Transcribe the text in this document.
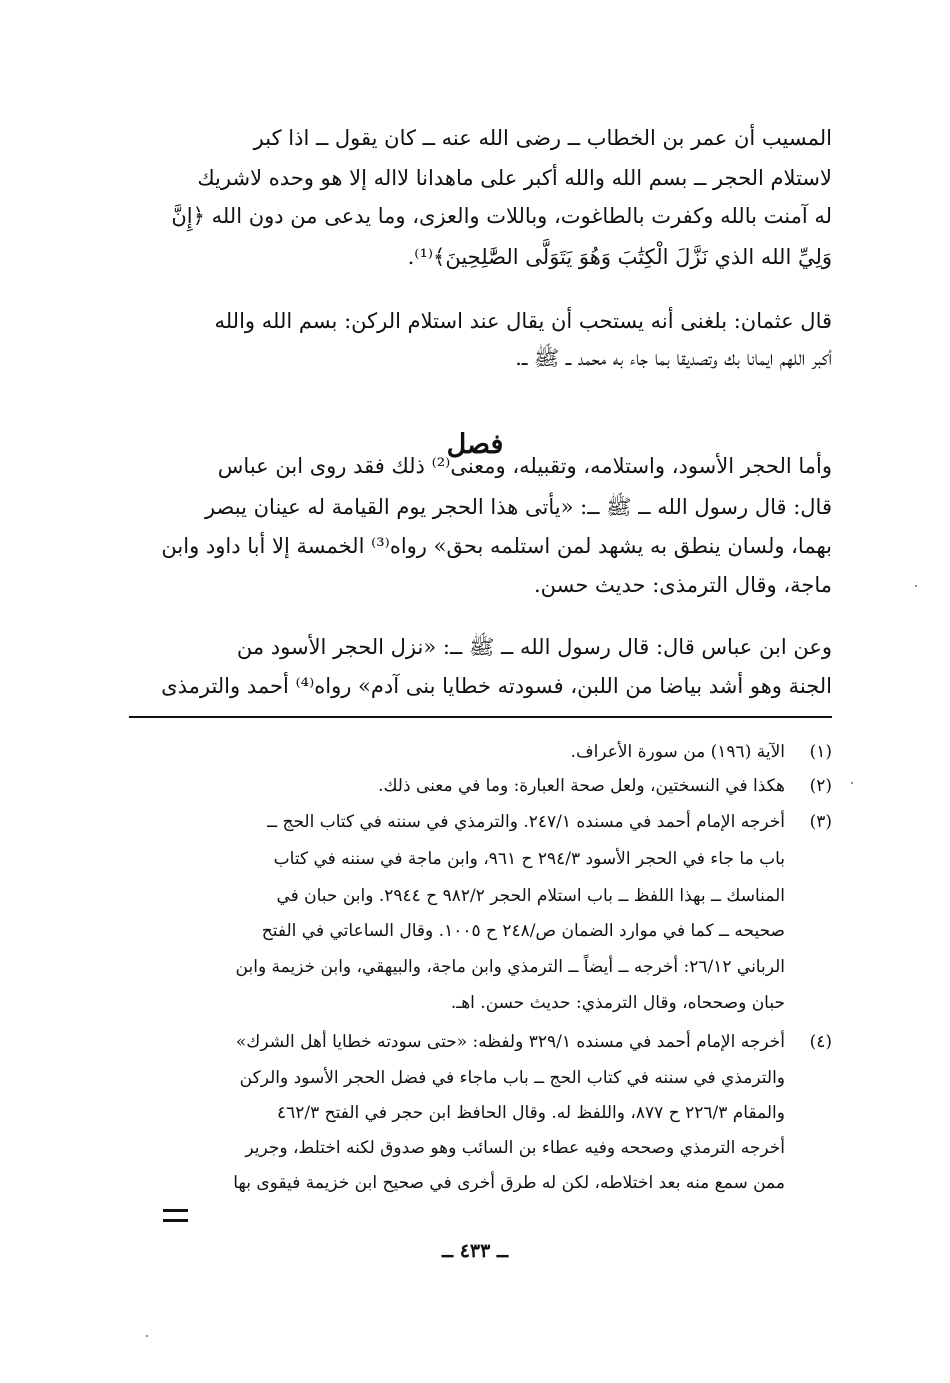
المسيب أن عمر بن الخطاب ــ رضى الله عنه ــ كان يقول ــ اذا كبر

لاستلام الحجر ــ بسم الله والله أكبر على ماهدانا لااله إلا هو وحده لاشريك

له آمنت بالله وكفرت بالطاغوت، وباللات والعزى، وما يدعى من دون الله ﴿إِنَّ

وَلِيِّ الله الذي نَزَّلَ الْكِتَٰبَ وَهُوَ يَتَوَلَّى الصَّٰلِحِينَ﴾⁽¹⁾.

قال عثمان: بلغنى أنه يستحب أن يقال عند استلام الركن: بسم الله والله

أكبر اللهم ايمانا بك وتصديقا بما جاء به محمد ــ ﷺ ــ.

فصل

وأما الحجر الأسود، واستلامه، وتقبيله، ومعنى⁽²⁾ ذلك فقد روى ابن عباس

قال: قال رسول الله ــ ﷺ ــ: «يأتى هذا الحجر يوم القيامة له عينان يبصر

بهما، ولسان ينطق به يشهد لمن استلمه بحق» رواه⁽³⁾ الخمسة إلا أبا داود وابن

ماجة، وقال الترمذى: حديث حسن.

وعن ابن عباس قال: قال رسول الله ــ ﷺ ــ: «نزل الحجر الأسود من

الجنة وهو أشد بياضا من اللبن، فسودته خطايا بنى آدم» رواه⁽⁴⁾ أحمد والترمذى

(١)

الآية (١٩٦) من سورة الأعراف.

(٢)

هكذا في النسختين، ولعل صحة العبارة: وما في معنى ذلك.

(٣)

أخرجه الإمام أحمد في مسنده ٢٤٧/١. والترمذي في سننه في كتاب الحج ــ

باب ما جاء في الحجر الأسود ٢٩٤/٣ ح ٩٦١، وابن ماجة في سننه في كتاب

المناسك ــ بهذا اللفظ ــ باب استلام الحجر ٩٨٢/٢ ح ٢٩٤٤. وابن حبان في

صحيحه ــ كما في موارد الضمان ص/٢٤٨ ح ١٠٠٥. وقال الساعاتي في الفتح

الرباني ٢٦/١٢: أخرجه ــ أيضاً ــ الترمذي وابن ماجة، والبيهقي، وابن خزيمة وابن

حبان وصححاه، وقال الترمذي: حديث حسن. اهـ.

(٤)

أخرجه الإمام أحمد في مسنده ٣٢٩/١ ولفظه: «حتى سودته خطايا أهل الشرك»

والترمذي في سننه في كتاب الحج ــ باب ماجاء في فضل الحجر الأسود والركن

والمقام ٢٢٦/٣ ح ٨٧٧، واللفظ له. وقال الحافظ ابن حجر في الفتح ٤٦٢/٣

أخرجه الترمذي وصححه وفيه عطاء بن السائب وهو صدوق لكنه اختلط، وجرير

ممن سمع منه بعد اختلاطه، لكن له طرق أخرى في صحيح ابن خزيمة فيقوى بها

ــ ٤٣٣ ــ
